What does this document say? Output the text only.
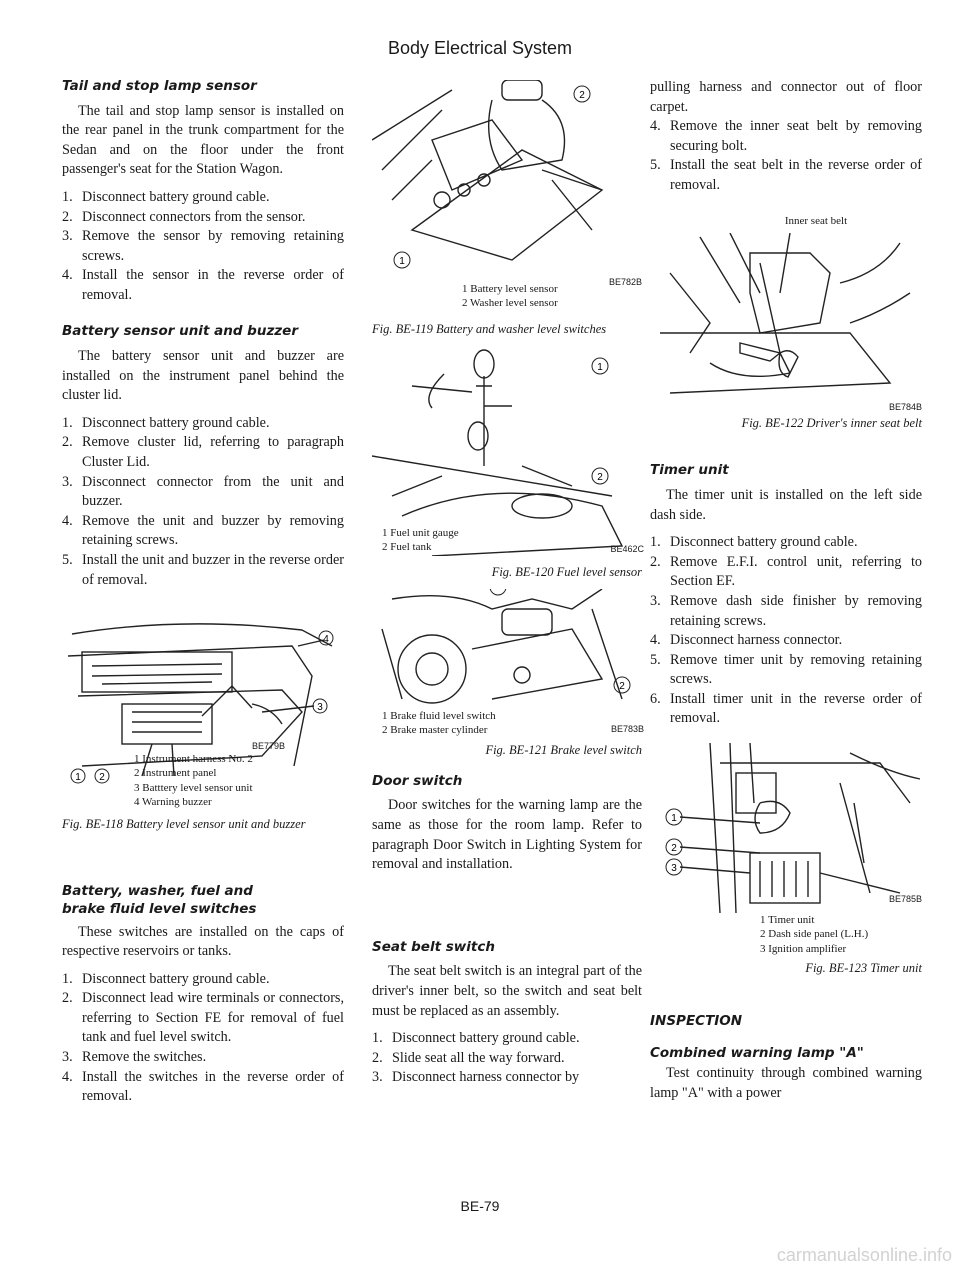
Body Electrical System
Tail and stop lamp sensor

The tail and stop lamp sensor is installed on the rear panel in the trunk compartment for the Sedan and on the floor under the front passenger's seat for the Station Wagon.

1. Disconnect battery ground cable.
2. Disconnect connectors from the sensor.
3. Remove the sensor by removing retaining screws.
4. Install the sensor in the reverse order of removal.
Battery sensor unit and buzzer

The battery sensor unit and buzzer are installed on the instrument panel behind the cluster lid.

1. Disconnect battery ground cable.
2. Remove cluster lid, referring to paragraph Cluster Lid.
3. Disconnect connector from the unit and buzzer.
4. Remove the unit and buzzer by removing retaining screws.
5. Install the unit and buzzer in the reverse order of removal.
4
3
1 2
BE779B
1 Instrument harness No. 2
2 Instrument panel
3 Batttery level sensor unit
4 Warning buzzer
Fig. BE-118 Battery level sensor unit and buzzer
Battery, washer, fuel and
brake fluid level switches

These switches are installed on the caps of respective reservoirs or tanks.

1. Disconnect battery ground cable.
2. Disconnect lead wire terminals or connectors, referring to Section FE for removal of fuel tank and fuel level switch.
3. Remove the switches.
4. Install the switches in the reverse order of removal.
2
1
BE782B
1 Battery level sensor
2 Washer level sensor
Fig. BE-119 Battery and washer level switches
1
2
1 Fuel unit gauge
2 Fuel tank	BE462C
Fig. BE-120 Fuel level sensor
2
1 Brake fluid level switch
2 Brake master cylinder	BE783B
Fig. BE-121 Brake level switch
Door switch

Door switches for the warning lamp are the same as those for the room lamp. Refer to paragraph Door Switch in Lighting System for removal and installation.

Seat belt switch

The seat belt switch is an integral part of the driver's inner belt, so the switch and seat belt must be replaced as an assembly.

1. Disconnect battery ground cable.
2. Slide seat all the way forward.
3. Disconnect harness connector by

pulling harness and connector out of floor carpet.

4. Remove the inner seat belt by removing securing bolt.
5. Install the seat belt in the reverse order of removal.
Inner seat belt
BE784B
Fig. BE-122 Driver's inner seat belt
Timer unit

The timer unit is installed on the left side dash side.

1. Disconnect battery ground cable.
2. Remove E.F.I. control unit, referring to Section EF.
3. Remove dash side finisher by removing retaining screws.
4. Disconnect harness connector.
5. Remove timer unit by removing retaining screws.
6. Install timer unit in the reverse order of removal.
1
2
3
BE785B
1 Timer unit
2 Dash side panel (L.H.)
3 Ignition amplifier
Fig. BE-123 Timer unit
INSPECTION
Combined warning lamp "A"

Test continuity through combined warning lamp "A" with a power

BE-79
carmanualsonline.info
